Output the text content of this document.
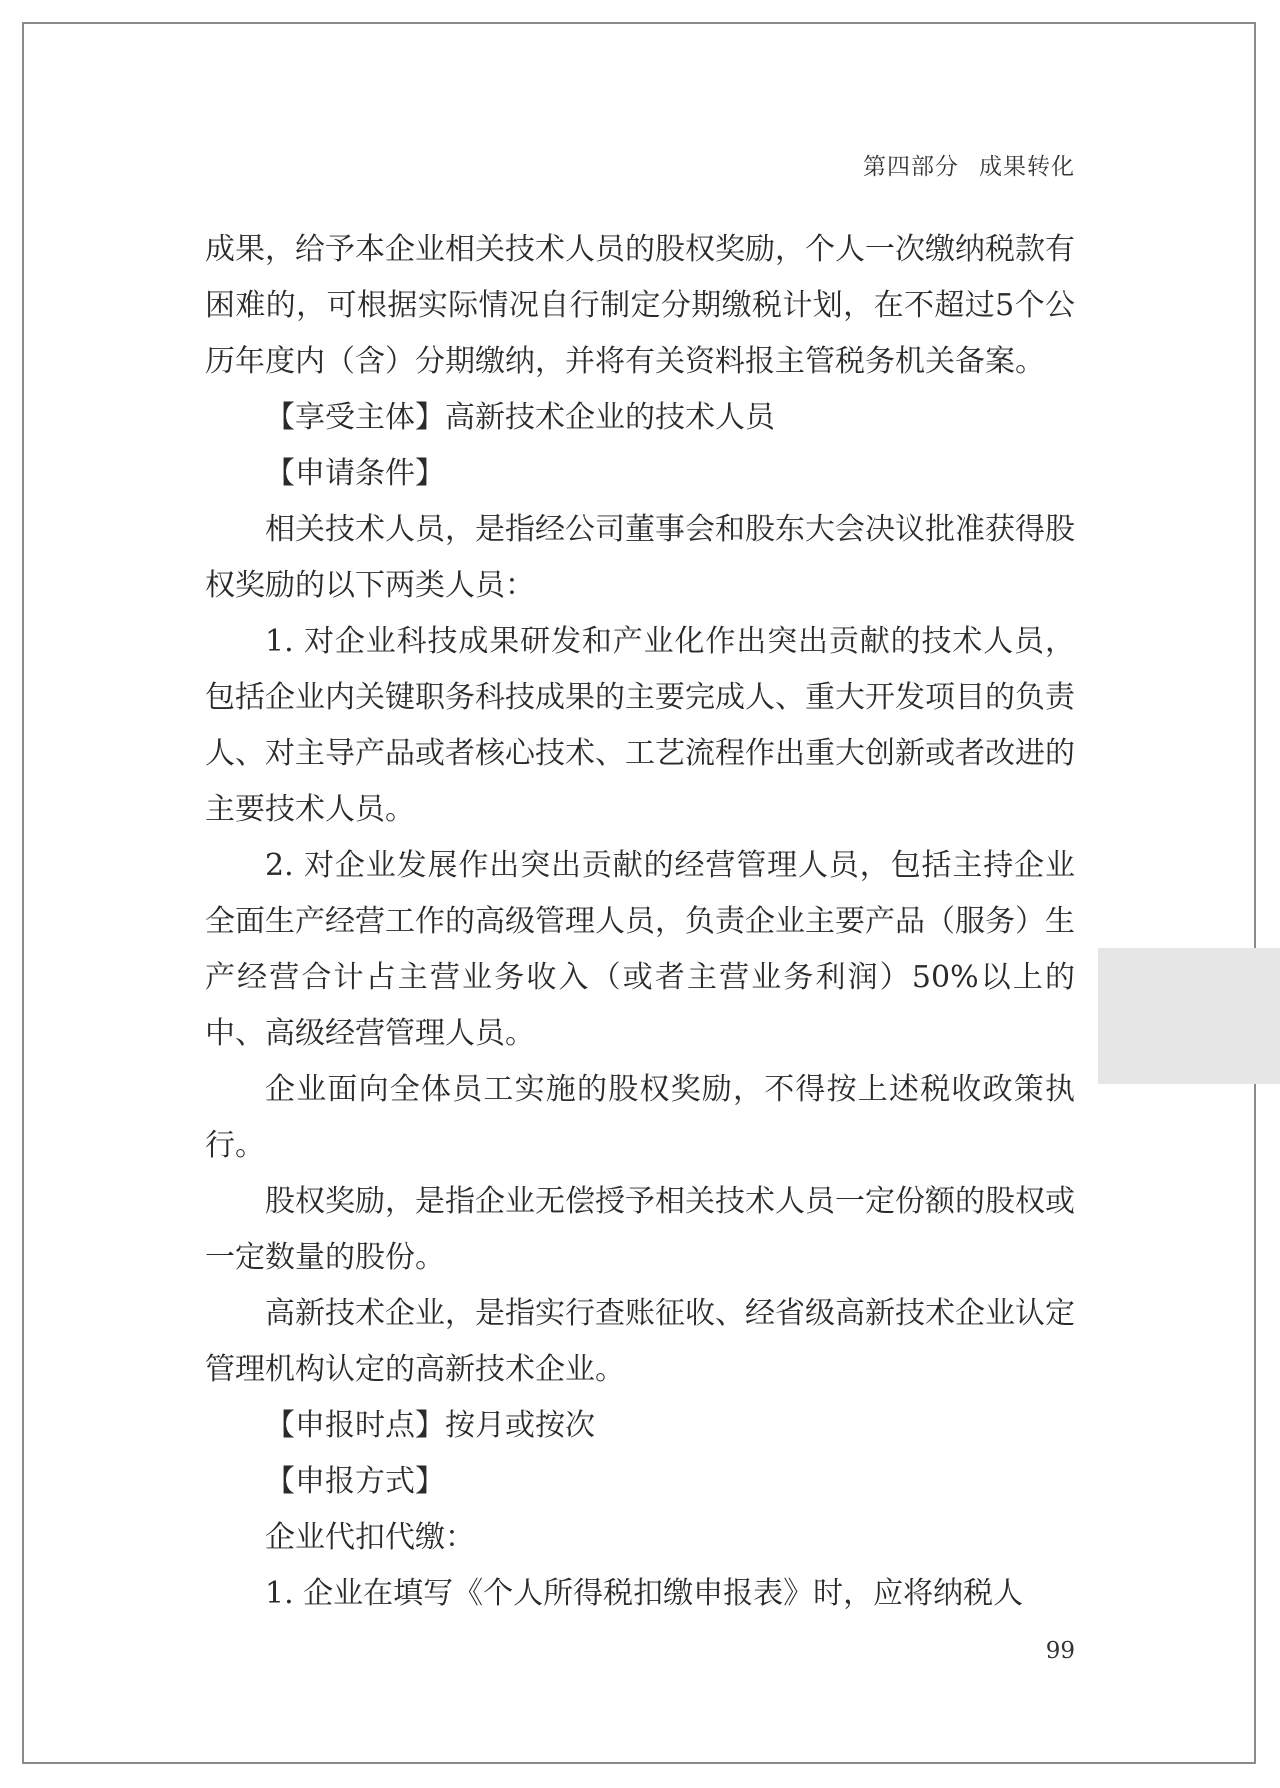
第四部分 成果转化

成果，给予本企业相关技术人员的股权奖励，个人一次缴纳税款有困难的，可根据实际情况自行制定分期缴税计划，在不超过5个公历年度内（含）分期缴纳，并将有关资料报主管税务机关备案。

【享受主体】高新技术企业的技术人员

【申请条件】

相关技术人员，是指经公司董事会和股东大会决议批准获得股权奖励的以下两类人员：

1. 对企业科技成果研发和产业化作出突出贡献的技术人员，包括企业内关键职务科技成果的主要完成人、重大开发项目的负责人、对主导产品或者核心技术、工艺流程作出重大创新或者改进的主要技术人员。

2. 对企业发展作出突出贡献的经营管理人员，包括主持企业全面生产经营工作的高级管理人员，负责企业主要产品（服务）生产经营合计占主营业务收入（或者主营业务利润）50%以上的中、高级经营管理人员。

企业面向全体员工实施的股权奖励，不得按上述税收政策执行。

股权奖励，是指企业无偿授予相关技术人员一定份额的股权或一定数量的股份。

高新技术企业，是指实行查账征收、经省级高新技术企业认定管理机构认定的高新技术企业。

【申报时点】按月或按次

【申报方式】

企业代扣代缴：

1. 企业在填写《个人所得税扣缴申报表》时，应将纳税人

99
